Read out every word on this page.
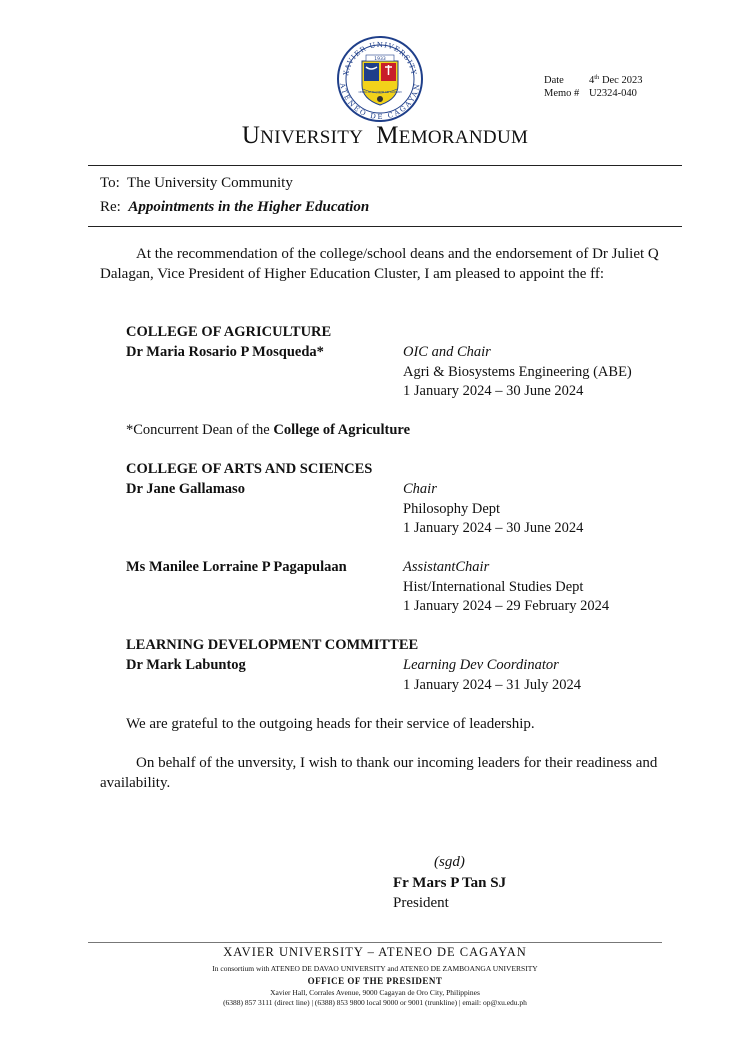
XAVIER UNIVERSITY
ATENEO DE CAGAYAN
1933
OMNIA AD MAJOREM DEI GLORIAM
Date 4th Dec 2023
Memo # U2324-040
UNIVERSITY MEMORANDUM
To: The University Community
Re: Appointments in the Higher Education
At the recommendation of the college/school deans and the endorsement of Dr Juliet Q Dalagan, Vice President of Higher Education Cluster, I am pleased to appoint the ff:
COLLEGE OF AGRICULTURE
Dr Maria Rosario P Mosqueda*	OIC and Chair
Agri & Biosystems Engineering (ABE)
1 January 2024 – 30 June 2024
*Concurrent Dean of the College of Agriculture
COLLEGE OF ARTS AND SCIENCES
Dr Jane Gallamaso	Chair
Philosophy Dept
1 January 2024 – 30 June 2024
Ms Manilee Lorraine P Pagapulaan	AssistantChair
Hist/International Studies Dept
1 January 2024 – 29 February 2024
LEARNING DEVELOPMENT COMMITTEE
Dr Mark Labuntog	Learning Dev Coordinator
1 January 2024 – 31 July 2024
We are grateful to the outgoing heads for their service of leadership.
On behalf of the unversity, I wish to thank our incoming leaders for their readiness and availability.
(sgd)
Fr Mars P Tan SJ
President
XAVIER UNIVERSITY – ATENEO DE CAGAYAN
In consortium with ATENEO DE DAVAO UNIVERSITY and ATENEO DE ZAMBOANGA UNIVERSITY
OFFICE OF THE PRESIDENT
Xavier Hall, Corrales Avenue, 9000 Cagayan de Oro City, Philippines
(6388) 857 3111 (direct line) | (6388) 853 9800 local 9000 or 9001 (trunkline) | email: op@xu.edu.ph
